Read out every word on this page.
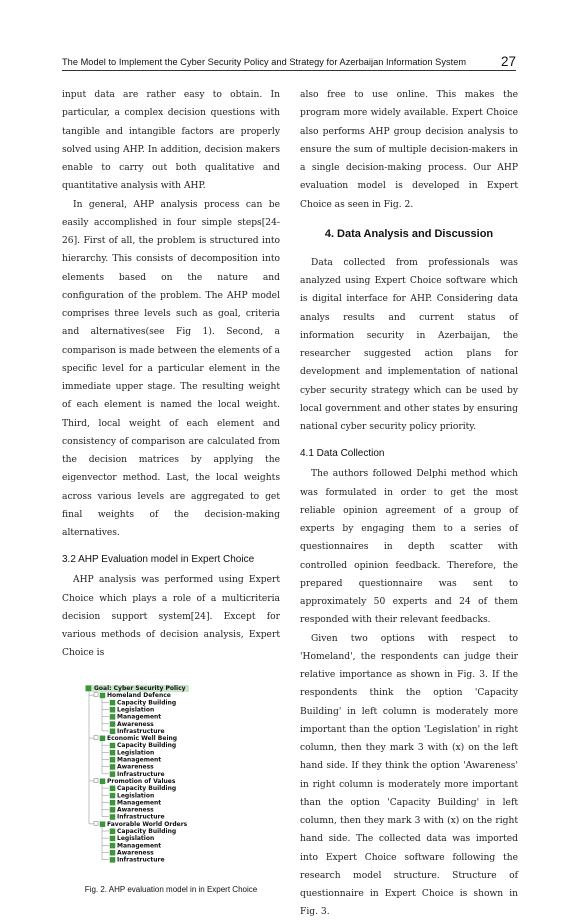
The Model to Implement the Cyber Security Policy and Strategy for Azerbaijan Information System	27

input data are rather easy to obtain. In particular, a complex decision questions with tangible and intangible factors are properly solved using AHP. In addition, decision makers enable to carry out both qualitative and quantitative analysis with AHP.

In general, AHP analysis process can be easily accomplished in four simple steps[24-26]. First of all, the problem is structured into hierarchy. This consists of decomposition into elements based on the nature and configuration of the problem. The AHP model comprises three levels such as goal, criteria and alternatives(see Fig 1). Second, a comparison is made between the elements of a specific level for a particular element in the immediate upper stage. The resulting weight of each element is named the local weight. Third, local weight of each element and consistency of comparison are calculated from the decision matrices by applying the eigenvector method. Last, the local weights across various levels are aggregated to get final weights of the decision-making alternatives.

3.2 AHP Evaluation model in Expert Choice

AHP analysis was performed using Expert Choice which plays a role of a multicriteria decision support system[24]. Except for various methods of decision analysis, Expert Choice is

Goal: Cyber Security Policy
Homeland Defence
Capacity Building
Legislation
Management
Awareness
Infrastructure
Economic Well Being
Capacity Building
Legislation
Management
Awareness
Infrastructure
Promotion of Values
Capacity Building
Legislation
Management
Awareness
Infrastructure
Favorable World Orders
Capacity Building
Legislation
Management
Awareness
Infrastructure
Fig. 2. AHP evaluation model in in Expert Choice

also free to use online. This makes the program more widely available. Expert Choice also performs AHP group decision analysis to ensure the sum of multiple decision-makers in a single decision-making process. Our AHP evaluation model is developed in Expert Choice as seen in Fig. 2.

4. Data Analysis and Discussion

Data collected from professionals was analyzed using Expert Choice software which is digital interface for AHP. Considering data analys results and current status of information security in Azerbaijan, the researcher suggested action plans for development and implementation of national cyber security strategy which can be used by local government and other states by ensuring national cyber security policy priority.

4.1 Data Collection

The authors followed Delphi method which was formulated in order to get the most reliable opinion agreement of a group of experts by engaging them to a series of questionnaires in depth scatter with controlled opinion feedback. Therefore, the prepared questionnaire was sent to approximately 50 experts and 24 of them responded with their relevant feedbacks.

Given two options with respect to 'Homeland', the respondents can judge their relative importance as shown in Fig. 3. If the respondents think the option 'Capacity Building' in left column is moderately more important than the option 'Legislation' in right column, then they mark 3 with (x) on the left hand side. If they think the option 'Awareness' in right column is moderately more important than the option 'Capacity Building' in left column, then they mark 3 with (x) on the right hand side. The collected data was imported into Expert Choice software following the research model structure. Structure of questionnaire in Expert Choice is shown in Fig. 3.
